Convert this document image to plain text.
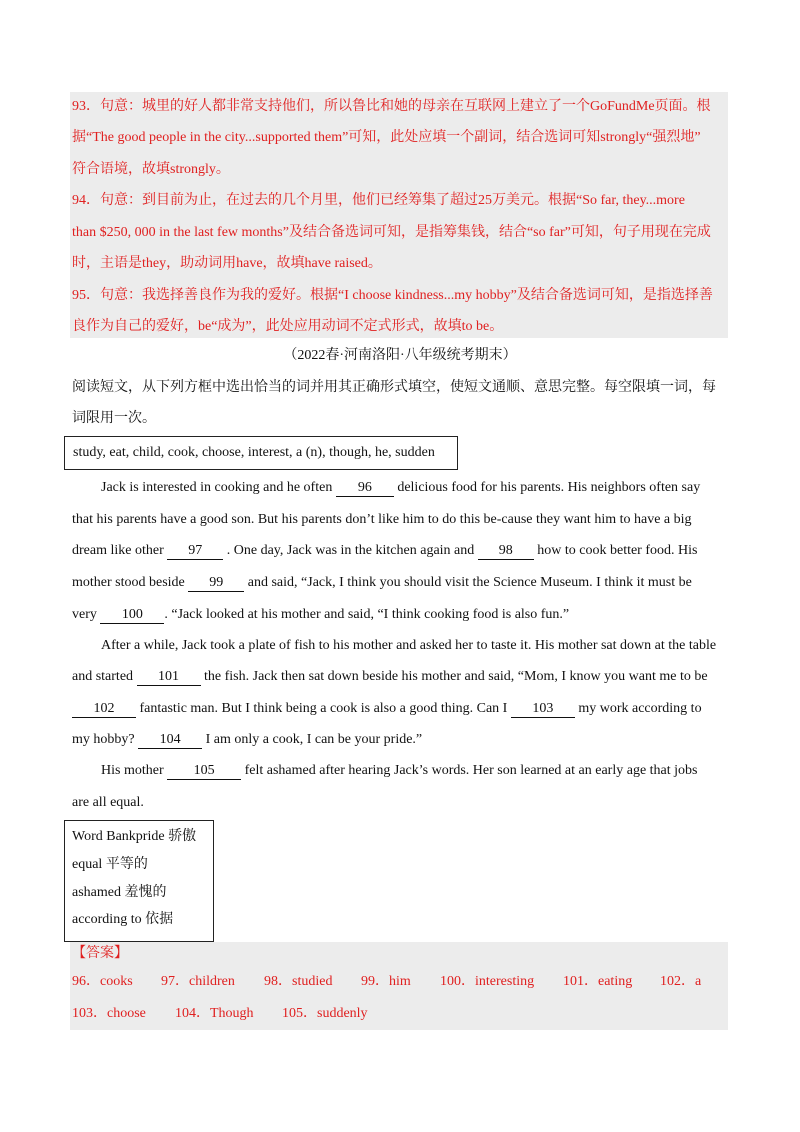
93．句意：城里的好人都非常支持他们，所以鲁比和她的母亲在互联网上建立了一个GoFundMe页面。根
据“The good people in the city...supported them”可知，此处应填一个副词，结合选词可知strongly“强烈地”
符合语境，故填strongly。
94．句意：到目前为止，在过去的几个月里，他们已经筹集了超过25万美元。根据“So far, they...more
than $250, 000 in the last few months”及结合备选词可知，是指筹集钱，结合“so far”可知，句子用现在完成
时，主语是they，助动词用have，故填have raised。
95．句意：我选择善良作为我的爱好。根据“I choose kindness...my hobby”及结合备选词可知，是指选择善
良作为自己的爱好，be“成为”，此处应用动词不定式形式，故填to be。
（2022春·河南洛阳·八年级统考期末）
阅读短文，从下列方框中选出恰当的词并用其正确形式填空，使短文通顺、意思完整。每空限填一词，每
词限用一次。
study, eat, child, cook, choose, interest, a (n), though, he, sudden
Jack is interested in cooking and he often 96 delicious food for his parents. His neighbors often say
that his parents have a good son. But his parents don’t like him to do this be-cause they want him to have a big
dream like other 97 . One day, Jack was in the kitchen again and 98 how to cook better food. His
mother stood beside 99 and said, “Jack, I think you should visit the Science Museum. I think it must be
very 100 . “Jack looked at his mother and said, “I think cooking food is also fun.”
After a while, Jack took a plate of fish to his mother and asked her to taste it. His mother sat down at the table
and started 101 the fish. Jack then sat down beside his mother and said, “Mom, I know you want me to be
102 fantastic man. But I think being a cook is also a good thing. Can I 103 my work according to
my hobby? 104 I am only a cook, I can be your pride.”
His mother 105 felt ashamed after hearing Jack’s words. Her son learned at an early age that jobs
are all equal.
Word Bankpride 骄傲
equal 平等的
ashamed 羞愧的
according to 依据
【答案】
96．cooks 97．children 98．studied 99．him 100．interesting 101．eating 102．a
103．choose 104．Though 105．suddenly
